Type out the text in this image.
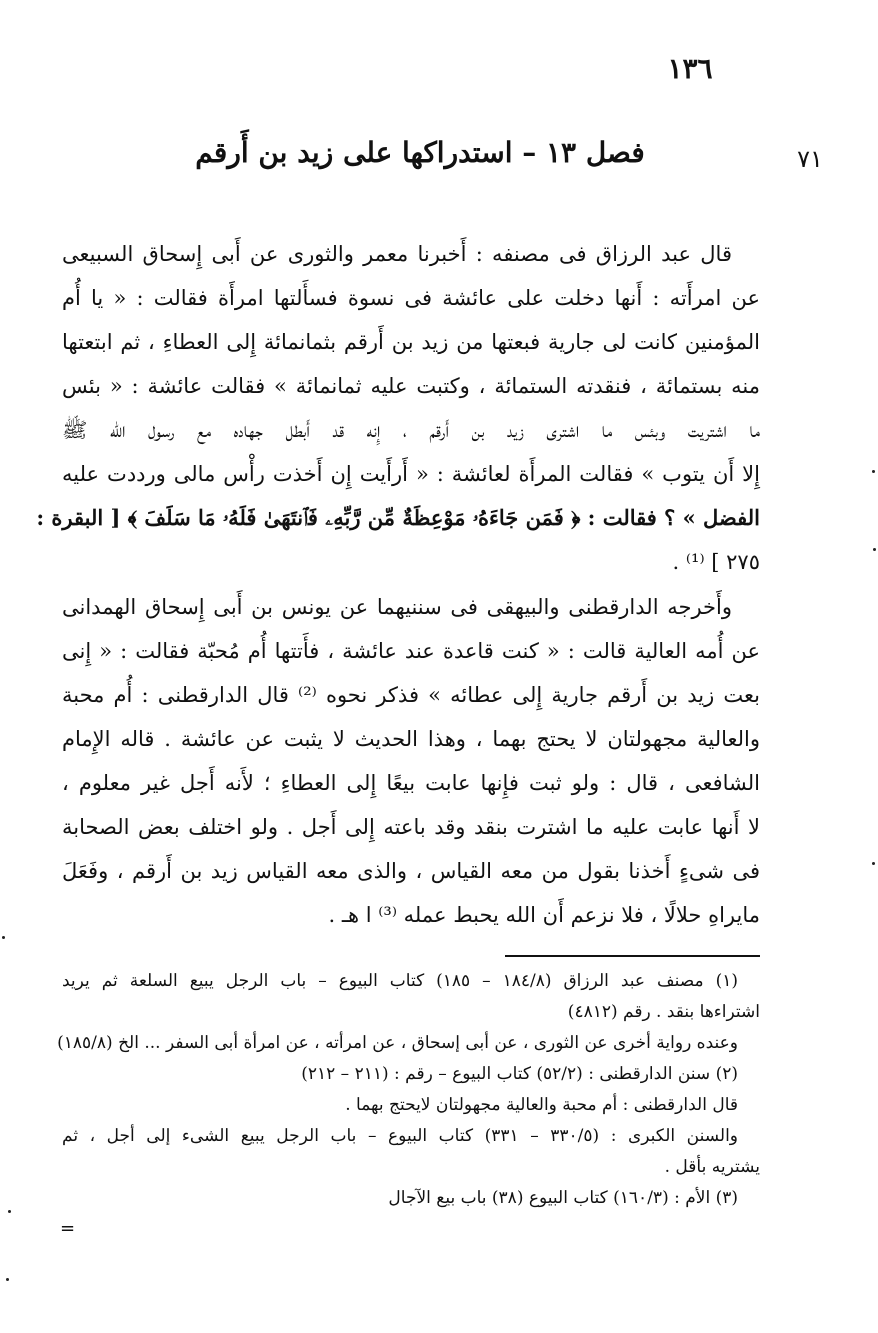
١٣٦
٧١
فصل ١٣ – استدراكها على زيد بن أَرقم
قال عبد الرزاق فى مصنفه : أَخبرنا معمر والثورى عن أَبى إِسحاق السبيعى
عن امرأَته : أَنها دخلت على عائشة فى نسوة فسأَلتها امرأَة فقالت : « يا أُم
المؤمنين كانت لى جارية فبعتها من زيد بن أَرقم بثمانمائة إِلى العطاءِ ، ثم ابتعتها
منه بستمائة ، فنقدته الستمائة ، وكتبت عليه ثمانمائة » فقالت عائشة : « بئس
ما اشتريت وبئس ما اشترى زيد بن أَرقم ، إِنه قد أَبطل جهاده مع رسول الله ﷺ
إِلا أَن يتوب » فقالت المرأَة لعائشة : « أَرأَيت إِن أَخذت رأْس مالى ورددت عليه
الفضل » ؟ فقالت : ﴿ فَمَن جَاءَهُۥ مَوْعِظَةٌ مِّن رَّبِّهِۦ فَٱنتَهَىٰ فَلَهُۥ مَا سَلَفَ ﴾ [ البقرة :
٢٧٥ ] ⁽¹⁾ .
وأَخرجه الدارقطنى والبيهقى فى سننيهما عن يونس بن أَبى إِسحاق الهمدانى
عن أُمه العالية قالت : « كنت قاعدة عند عائشة ، فأَتتها أُم مُحبّة فقالت : « إِنى
بعت زيد بن أَرقم جارية إِلى عطائه » فذكر نحوه ⁽²⁾ قال الدارقطنى : أُم محبة
والعالية مجهولتان لا يحتج بهما ، وهذا الحديث لا يثبت عن عائشة . قاله الإِمام
الشافعى ، قال : ولو ثبت فإِنها عابت بيعًا إِلى العطاءِ ؛ لأَنه أَجل غير معلوم ،
لا أَنها عابت عليه ما اشترت بنقد وقد باعته إِلى أَجل . ولو اختلف بعض الصحابة
فى شىءٍ أَخذنا بقول من معه القياس ، والذى معه القياس زيد بن أَرقم ، وفَعَلَ
مايراهِ حلالًا ، فلا نزعم أَن الله يحبط عمله ⁽³⁾ ا هـ .
(١) مصنف عبد الرزاق (١٨٤/٨ – ١٨٥) كتاب البيوع – باب الرجل يبيع السلعة ثم يريد
اشتراءها بنقد . رقم (٤٨١٢)
وعنده رواية أخرى عن الثورى ، عن أبى إسحاق ، عن امرأته ، عن امرأة أبى السفر ... الخ (١٨٥/٨)
(٢) سنن الدارقطنى : (٥٢/٢) كتاب البيوع – رقم : (٢١١ – ٢١٢)
قال الدارقطنى : أم محبة والعالية مجهولتان لايحتج بهما .
والسنن الكبرى : (٣٣٠/٥ – ٣٣١) كتاب البيوع – باب الرجل يبيع الشىء إلى أجل ، ثم
يشتريه بأقل .
(٣) الأم : (١٦٠/٣) كتاب البيوع (٣٨) باب بيع الآجال
=
